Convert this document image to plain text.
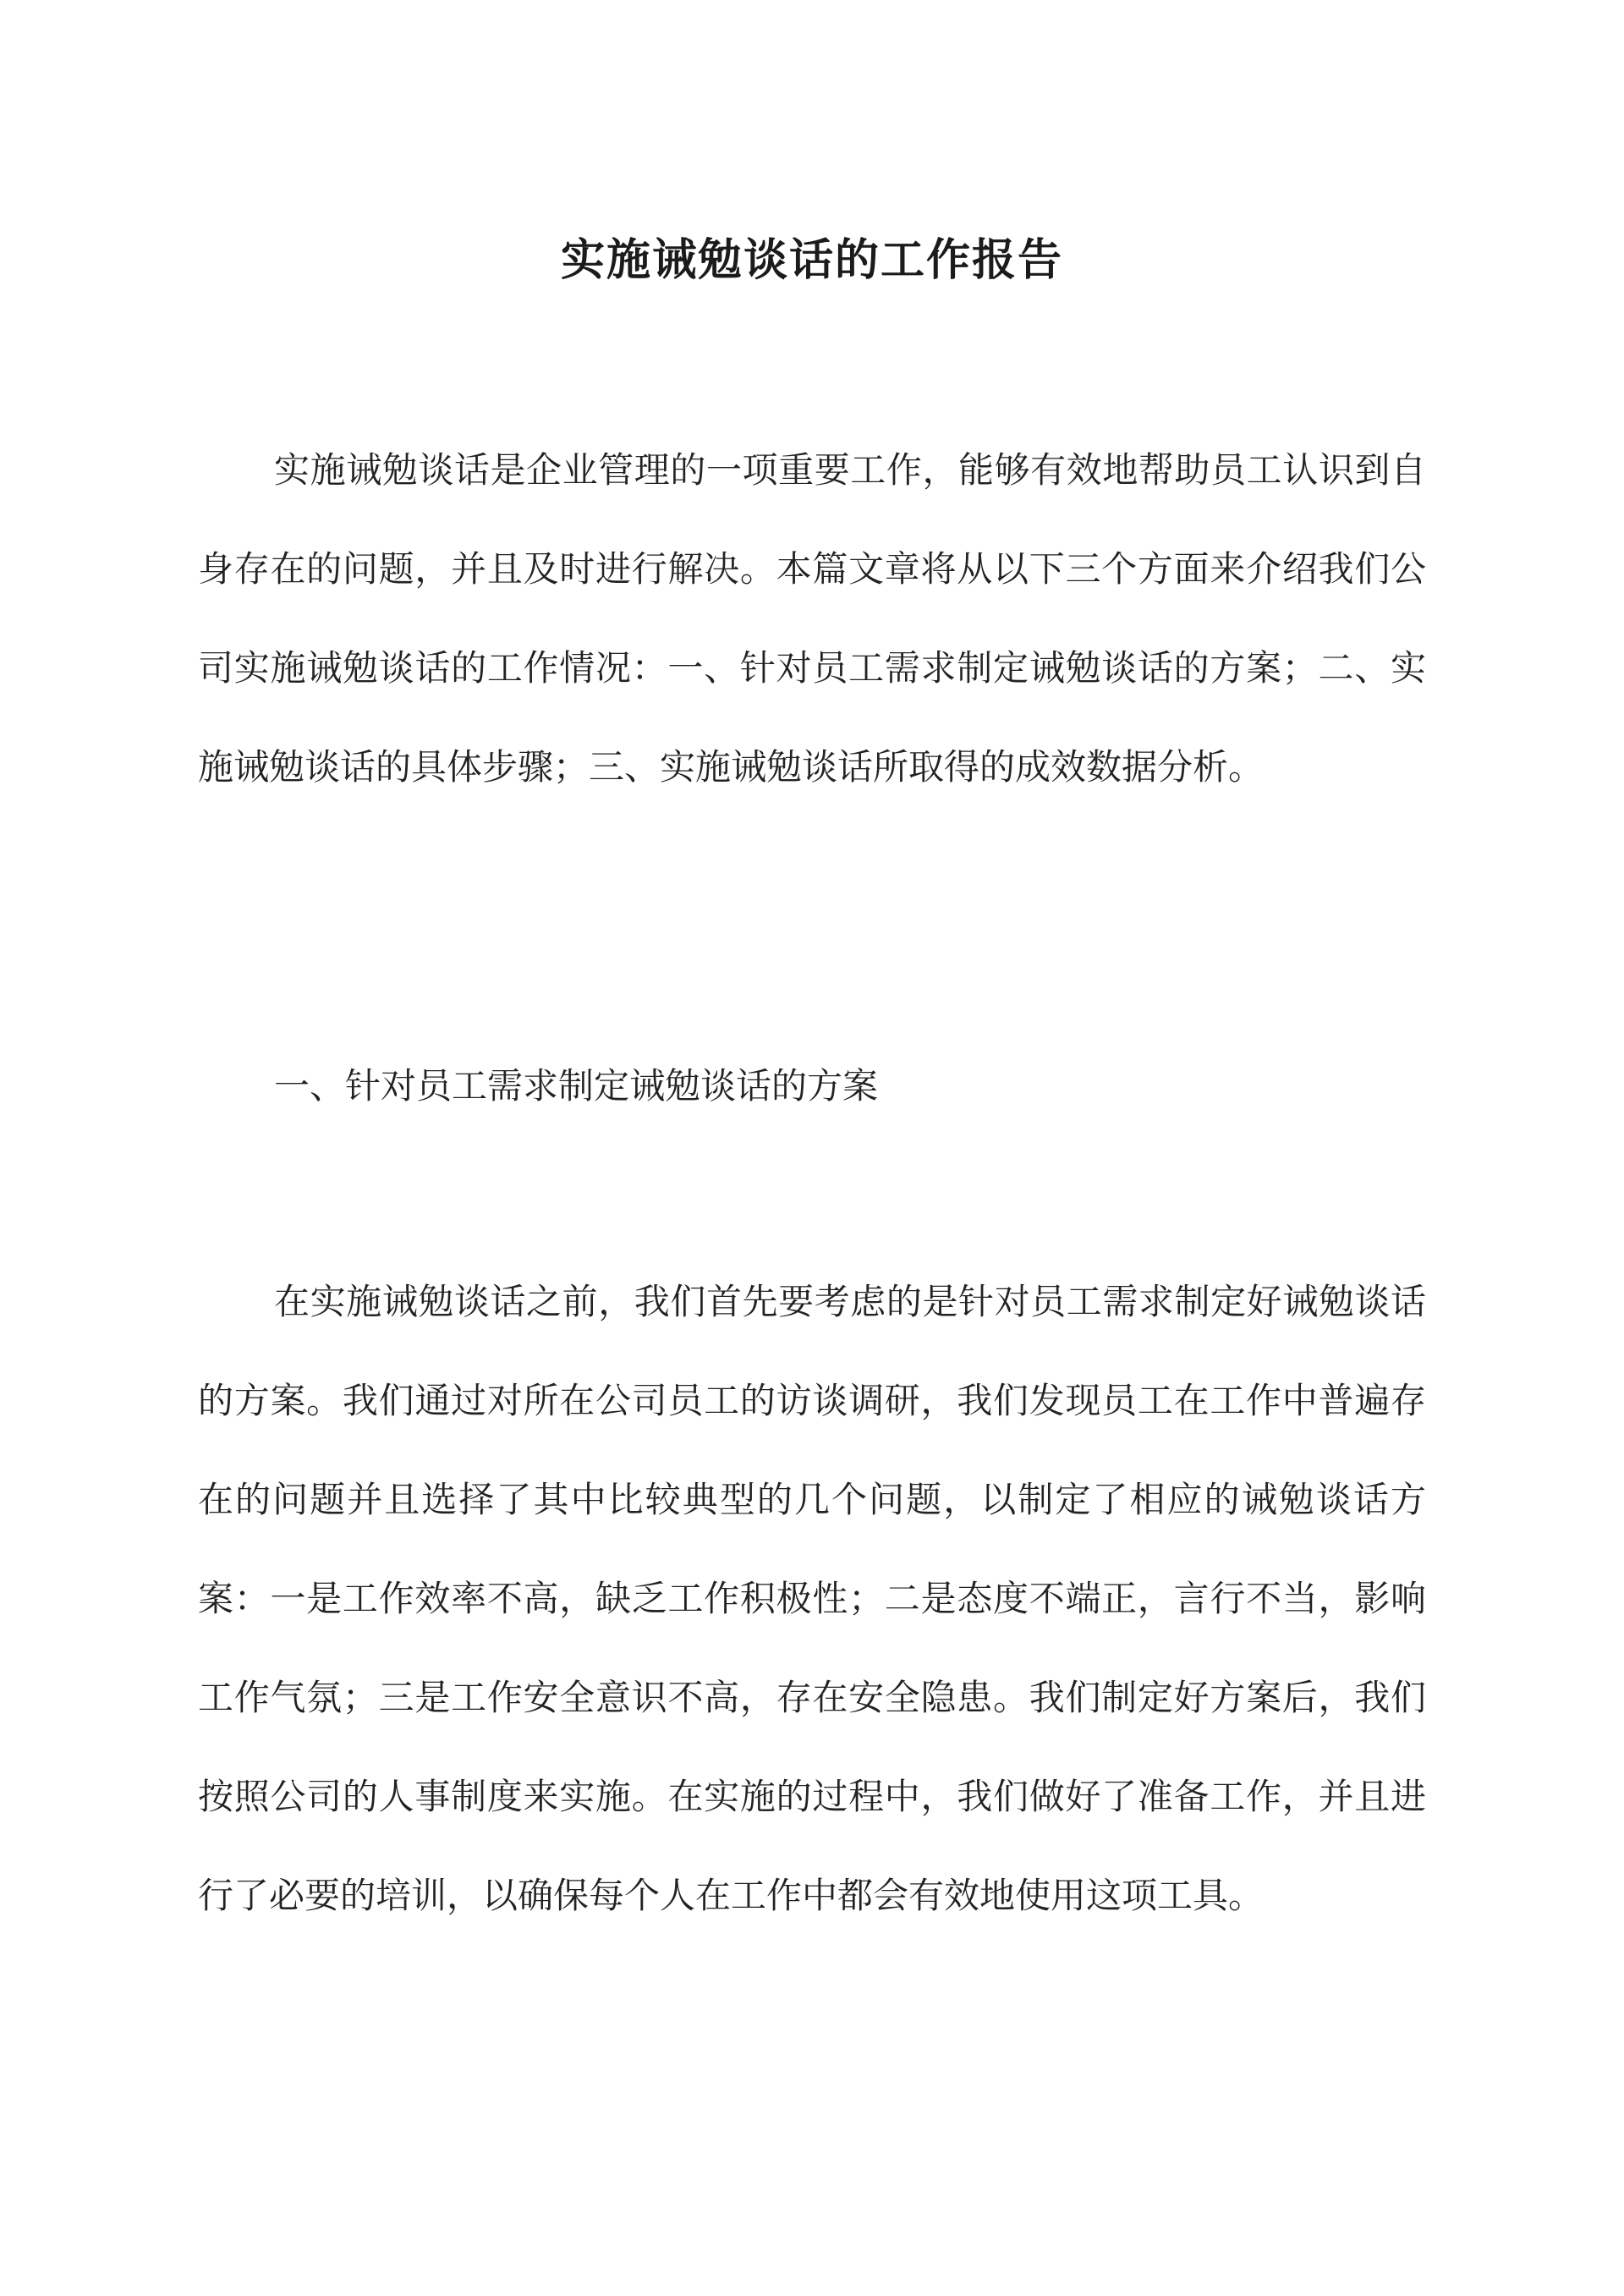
实施诫勉谈话的工作报告

实施诫勉谈话是企业管理的一项重要工作，能够有效地帮助员工认识到自身存在的问题，并且及时进行解决。本篇文章将从以下三个方面来介绍我们公司实施诫勉谈话的工作情况：一、针对员工需求制定诫勉谈话的方案；二、实施诫勉谈话的具体步骤；三、实施诫勉谈话所取得的成效数据分析。

一、针对员工需求制定诫勉谈话的方案

在实施诫勉谈话之前，我们首先要考虑的是针对员工需求制定好诫勉谈话的方案。我们通过对所在公司员工的访谈调研，我们发现员工在工作中普遍存在的问题并且选择了其中比较典型的几个问题，以制定了相应的诫勉谈话方案：一是工作效率不高，缺乏工作积极性；二是态度不端正，言行不当，影响工作气氛；三是工作安全意识不高，存在安全隐患。我们制定好方案后，我们按照公司的人事制度来实施。在实施的过程中，我们做好了准备工作，并且进行了必要的培训，以确保每个人在工作中都会有效地使用这项工具。
